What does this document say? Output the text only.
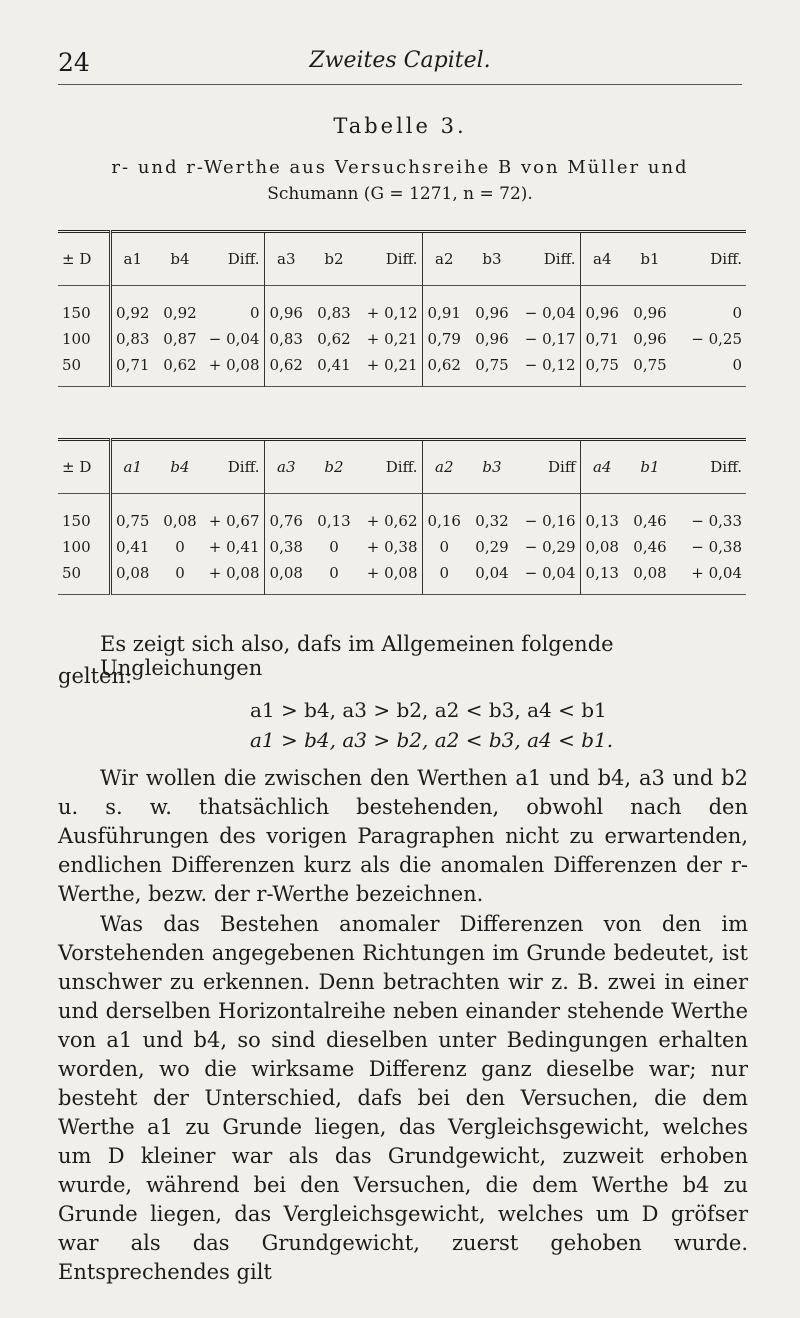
24	Zweites Capitel.
Tabelle 3.
r- und r-Werthe aus Versuchsreihe B von Müller und
Schumann (G = 1271, n = 72).
± D	a1	b4	Diff.	a3	b2	Diff.	a2	b3	Diff.	a4	b1	Diff.
150	0,92	0,92	0	0,96	0,83	+ 0,12	0,91	0,96	− 0,04	0,96	0,96	0
100	0,83	0,87	− 0,04	0,83	0,62	+ 0,21	0,79	0,96	− 0,17	0,71	0,96	− 0,25
50	0,71	0,62	+ 0,08	0,62	0,41	+ 0,21	0,62	0,75	− 0,12	0,75	0,75	0
± D	a1	b4	Diff.	a3	b2	Diff.	a2	b3	Diff	a4	b1	Diff.
150	0,75	0,08	+ 0,67	0,76	0,13	+ 0,62	0,16	0,32	− 0,16	0,13	0,46	− 0,33
100	0,41	0	+ 0,41	0,38	0	+ 0,38	0	0,29	− 0,29	0,08	0,46	− 0,38
50	0,08	0	+ 0,08	0,08	0	+ 0,08	0	0,04	− 0,04	0,13	0,08	+ 0,04
Es zeigt sich also, dafs im Allgemeinen folgende Ungleichungen
gelten:
a1 > b4, a3 > b2, a2 < b3, a4 < b1
a1 > b4, a3 > b2, a2 < b3, a4 < b1.

Wir wollen die zwischen den Werthen a1 und b4, a3 und b2 u. s. w. thatsächlich bestehenden, obwohl nach den Ausführungen des vorigen Paragraphen nicht zu erwartenden, endlichen Differenzen kurz als die anomalen Differenzen der r-Werthe, bezw. der r-Werthe bezeichnen.

Was das Bestehen anomaler Differenzen von den im Vorstehenden angegebenen Richtungen im Grunde bedeutet, ist unschwer zu erkennen. Denn betrachten wir z. B. zwei in einer und derselben Horizontalreihe neben einander stehende Werthe von a1 und b4, so sind dieselben unter Bedingungen erhalten worden, wo die wirksame Differenz ganz dieselbe war; nur besteht der Unterschied, dafs bei den Versuchen, die dem Werthe a1 zu Grunde liegen, das Vergleichsgewicht, welches um D kleiner war als das Grundgewicht, zuzweit erhoben wurde, während bei den Versuchen, die dem Werthe b4 zu Grunde liegen, das Vergleichsgewicht, welches um D gröfser war als das Grundgewicht, zuerst gehoben wurde. Entsprechendes gilt
